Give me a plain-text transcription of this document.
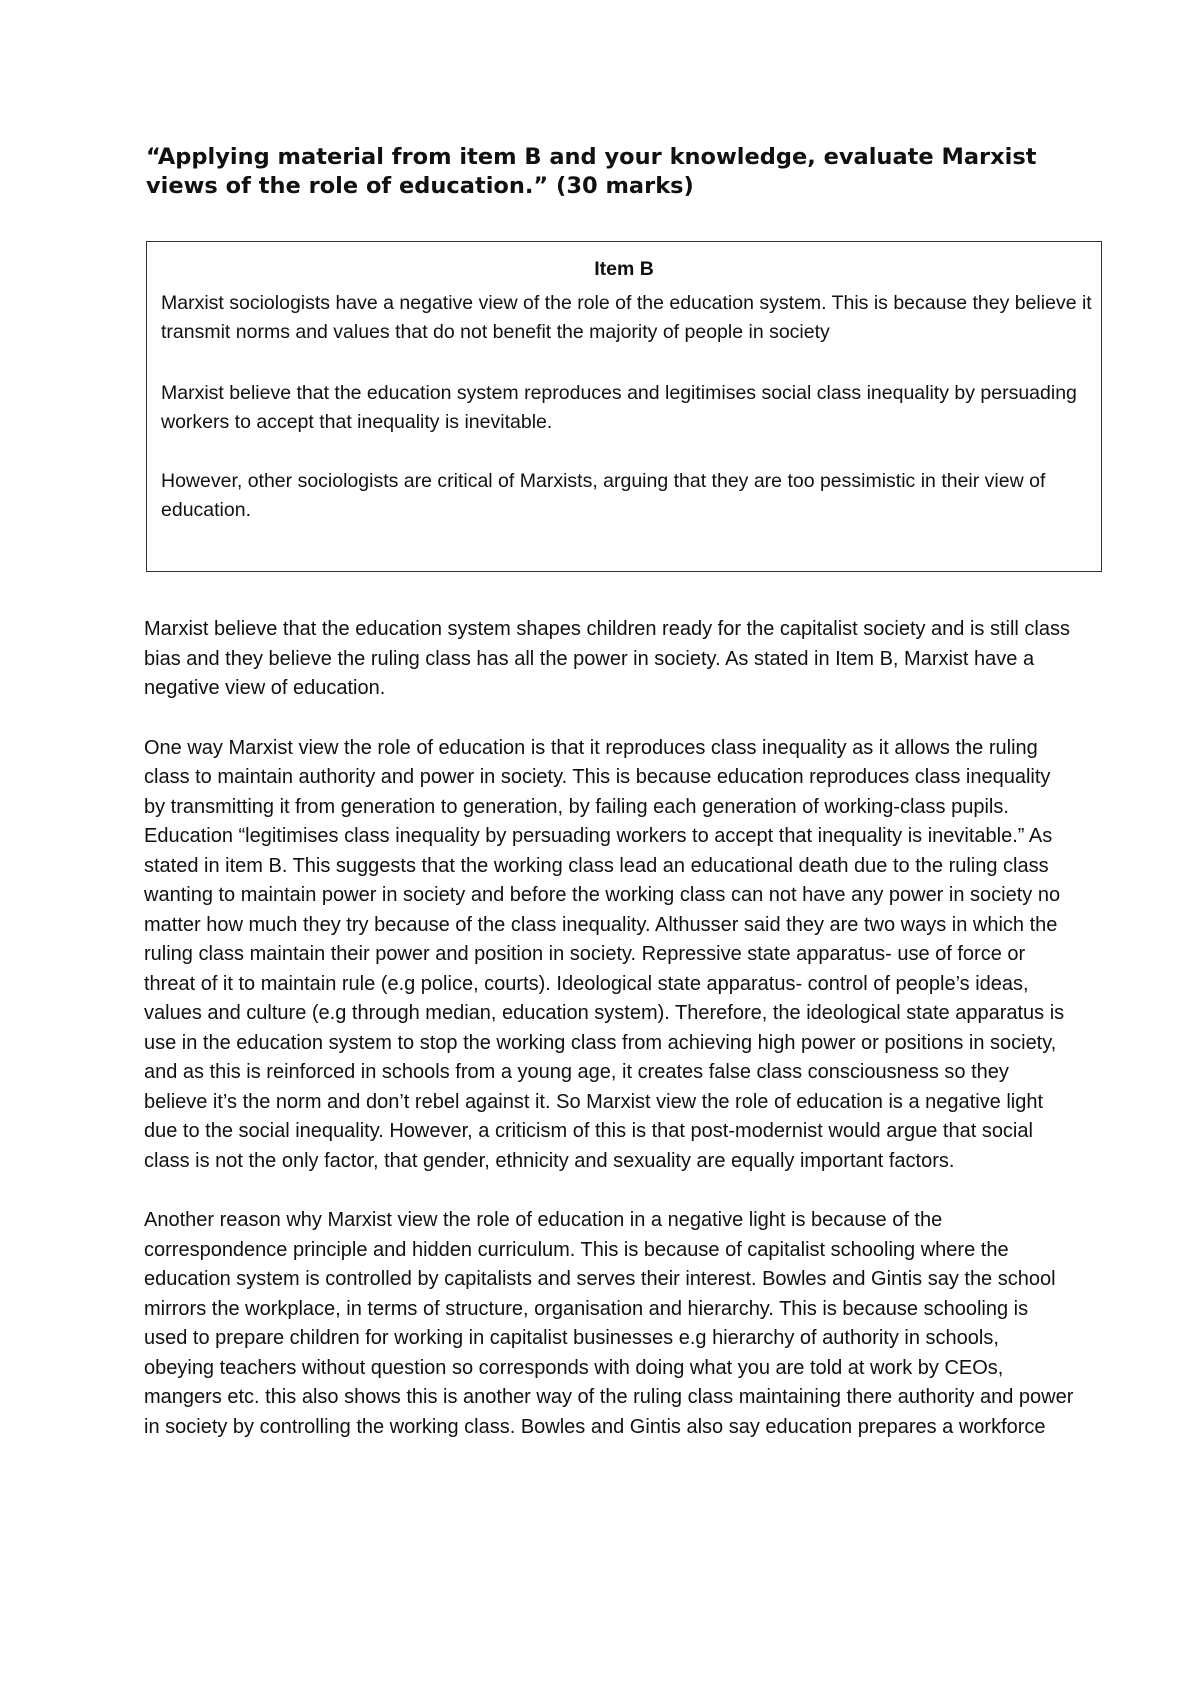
“Applying material from item B and your knowledge, evaluate Marxist views of the role of education.” (30 marks)
Item B

Marxist sociologists have a negative view of the role of the education system. This is because they believe it transmit norms and values that do not benefit the majority of people in society

Marxist believe that the education system reproduces and legitimises social class inequality by persuading workers to accept that inequality is inevitable.

However, other sociologists are critical of Marxists, arguing that they are too pessimistic in their view of education.

Marxist believe that the education system shapes children ready for the capitalist society and is still class bias and they believe the ruling class has all the power in society. As stated in Item B, Marxist have a negative view of education.

One way Marxist view the role of education is that it reproduces class inequality as it allows the ruling class to maintain authority and power in society. This is because education reproduces class inequality by transmitting it from generation to generation, by failing each generation of working-class pupils. Education “legitimises class inequality by persuading workers to accept that inequality is inevitable.” As stated in item B. This suggests that the working class lead an educational death due to the ruling class wanting to maintain power in society and before the working class can not have any power in society no matter how much they try because of the class inequality. Althusser said they are two ways in which the ruling class maintain their power and position in society. Repressive state apparatus- use of force or threat of it to maintain rule (e.g police, courts). Ideological state apparatus- control of people’s ideas, values and culture (e.g through median, education system). Therefore, the ideological state apparatus is use in the education system to stop the working class from achieving high power or positions in society, and as this is reinforced in schools from a young age, it creates false class consciousness so they believe it’s the norm and don’t rebel against it. So Marxist view the role of education is a negative light due to the social inequality. However, a criticism of this is that post-modernist would argue that social class is not the only factor, that gender, ethnicity and sexuality are equally important factors.

Another reason why Marxist view the role of education in a negative light is because of the correspondence principle and hidden curriculum. This is because of capitalist schooling where the education system is controlled by capitalists and serves their interest. Bowles and Gintis say the school mirrors the workplace, in terms of structure, organisation and hierarchy. This is because schooling is used to prepare children for working in capitalist businesses e.g hierarchy of authority in schools, obeying teachers without question so corresponds with doing what you are told at work by CEOs, mangers etc. this also shows this is another way of the ruling class maintaining there authority and power in society by controlling the working class. Bowles and Gintis also say education prepares a workforce
